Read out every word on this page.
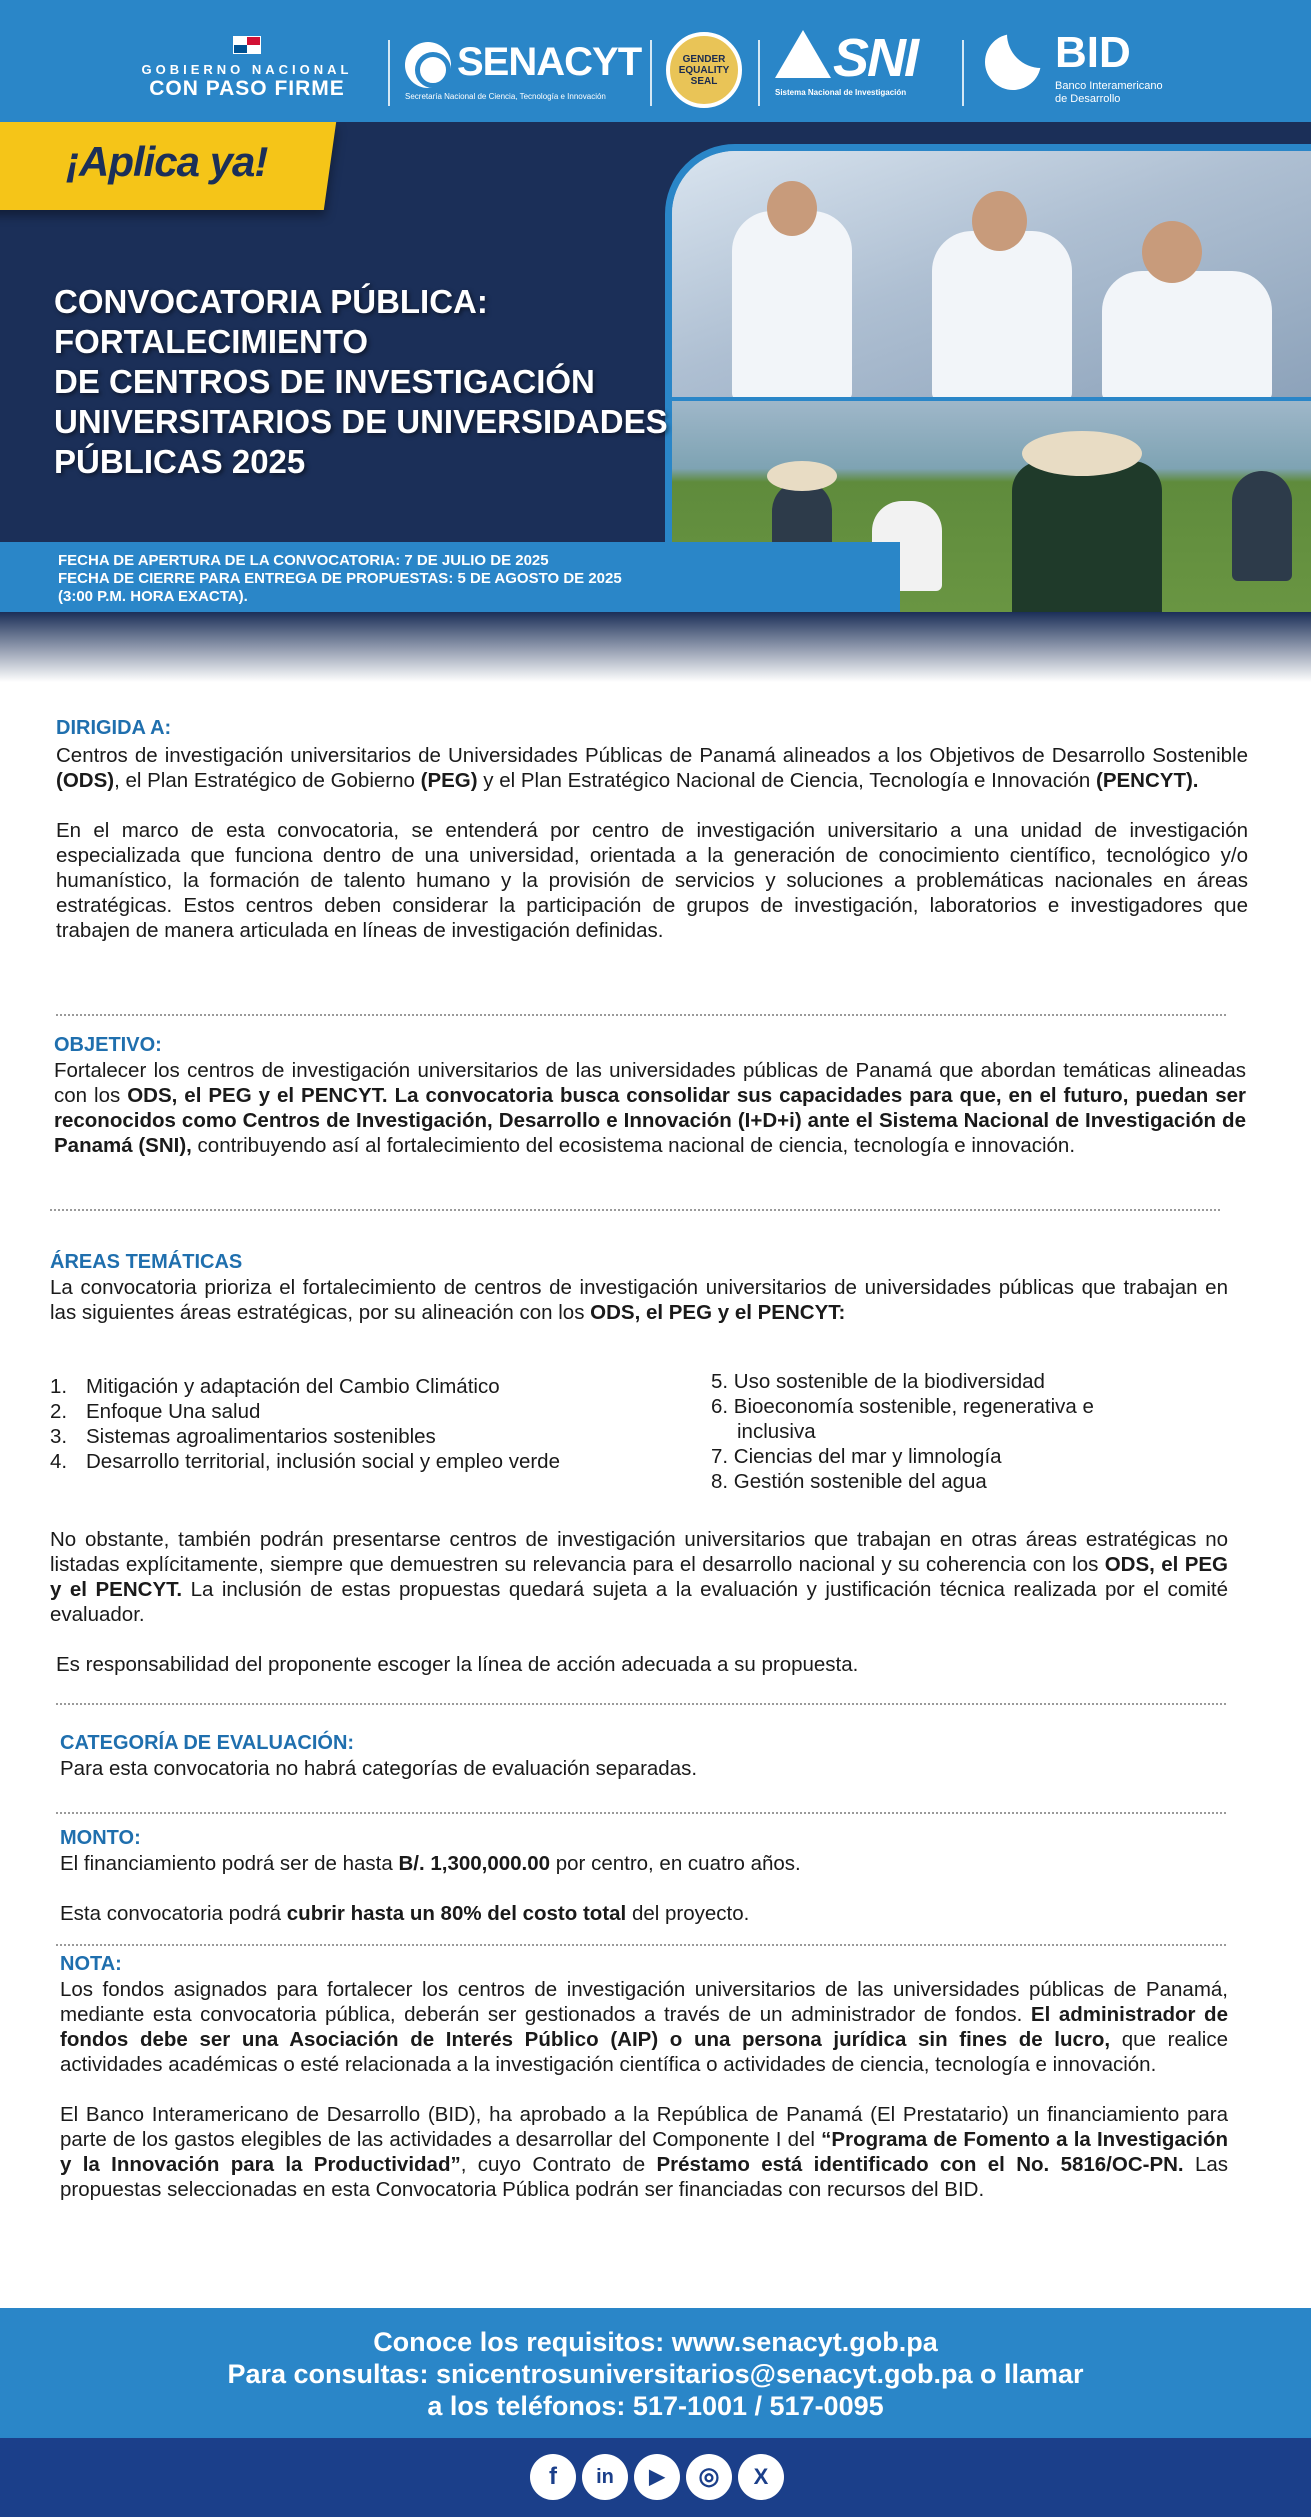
GOBIERNO NACIONAL
CON PASO FIRME
SENACYT
Secretaría Nacional de Ciencia, Tecnología e Innovación
GENDER EQUALITY SEAL	SNI
Sistema Nacional de Investigación
BID
Banco Interamericano de Desarrollo
¡Aplica ya!
CONVOCATORIA PÚBLICA:
FORTALECIMIENTO
DE CENTROS DE INVESTIGACIÓN
UNIVERSITARIOS DE UNIVERSIDADES
PÚBLICAS 2025
FECHA DE APERTURA DE LA CONVOCATORIA: 7 DE JULIO DE 2025
FECHA DE CIERRE PARA ENTREGA DE PROPUESTAS: 5 DE AGOSTO DE 2025
(3:00 P.M. HORA EXACTA).
DIRIGIDA A:

Centros de investigación universitarios de Universidades Públicas de Panamá alineados a los Objetivos de Desarrollo Sostenible (ODS), el Plan Estratégico de Gobierno (PEG) y el Plan Estratégico Nacional de Ciencia, Tecnología e Innovación (PENCYT).

En el marco de esta convocatoria, se entenderá por centro de investigación universitario a una unidad de investigación especializada que funciona dentro de una universidad, orientada a la generación de conocimiento científico, tecnológico y/o humanístico, la formación de talento humano y la provisión de servicios y soluciones a problemáticas nacionales en áreas estratégicas. Estos centros deben considerar la participación de grupos de investigación, laboratorios e investigadores que trabajen de manera articulada en líneas de investigación definidas.

OBJETIVO:

Fortalecer los centros de investigación universitarios de las universidades públicas de Panamá que abordan temáticas alineadas con los ODS, el PEG y el PENCYT. La convocatoria busca consolidar sus capacidades para que, en el futuro, puedan ser reconocidos como Centros de Investigación, Desarrollo e Innovación (I+D+i) ante el Sistema Nacional de Investigación de Panamá (SNI), contribuyendo así al fortalecimiento del ecosistema nacional de ciencia, tecnología e innovación.

ÁREAS TEMÁTICAS

La convocatoria prioriza el fortalecimiento de centros de investigación universitarios de universidades públicas que trabajan en las siguientes áreas estratégicas, por su alineación con los ODS, el PEG y el PENCYT:

1. Mitigación y adaptación del Cambio Climático
2. Enfoque Una salud
3. Sistemas agroalimentarios sostenibles
4. Desarrollo territorial, inclusión social y empleo verde
5. Uso sostenible de la biodiversidad
6. Bioeconomía sostenible, regenerativa e
inclusiva
7. Ciencias del mar y limnología
8. Gestión sostenible del agua

No obstante, también podrán presentarse centros de investigación universitarios que trabajan en otras áreas estratégicas no listadas explícitamente, siempre que demuestren su relevancia para el desarrollo nacional y su coherencia con los ODS, el PEG y el PENCYT. La inclusión de estas propuestas quedará sujeta a la evaluación y justificación técnica realizada por el comité evaluador.

Es responsabilidad del proponente escoger la línea de acción adecuada a su propuesta.

CATEGORÍA DE EVALUACIÓN:

Para esta convocatoria no habrá categorías de evaluación separadas.

MONTO:

El financiamiento podrá ser de hasta B/. 1,300,000.00 por centro, en cuatro años.

Esta convocatoria podrá cubrir hasta un 80% del costo total del proyecto.

NOTA:

Los fondos asignados para fortalecer los centros de investigación universitarios de las universidades públicas de Panamá, mediante esta convocatoria pública, deberán ser gestionados a través de un administrador de fondos. El administrador de fondos debe ser una Asociación de Interés Público (AIP) o una persona jurídica sin fines de lucro, que realice actividades académicas o esté relacionada a la investigación científica o actividades de ciencia, tecnología e innovación.

El Banco Interamericano de Desarrollo (BID), ha aprobado a la República de Panamá (El Prestatario) un financiamiento para parte de los gastos elegibles de las actividades a desarrollar del Componente I del “Programa de Fomento a la Investigación y la Innovación para la Productividad”, cuyo Contrato de Préstamo está identificado con el No. 5816/OC-PN. Las propuestas seleccionadas en esta Convocatoria Pública podrán ser financiadas con recursos del BID.

Conoce los requisitos: www.senacyt.gob.pa
Para consultas: snicentrosuniversitarios@senacyt.gob.pa o llamar
a los teléfonos: 517-1001 / 517-0095
f	in	▶	◎	X
